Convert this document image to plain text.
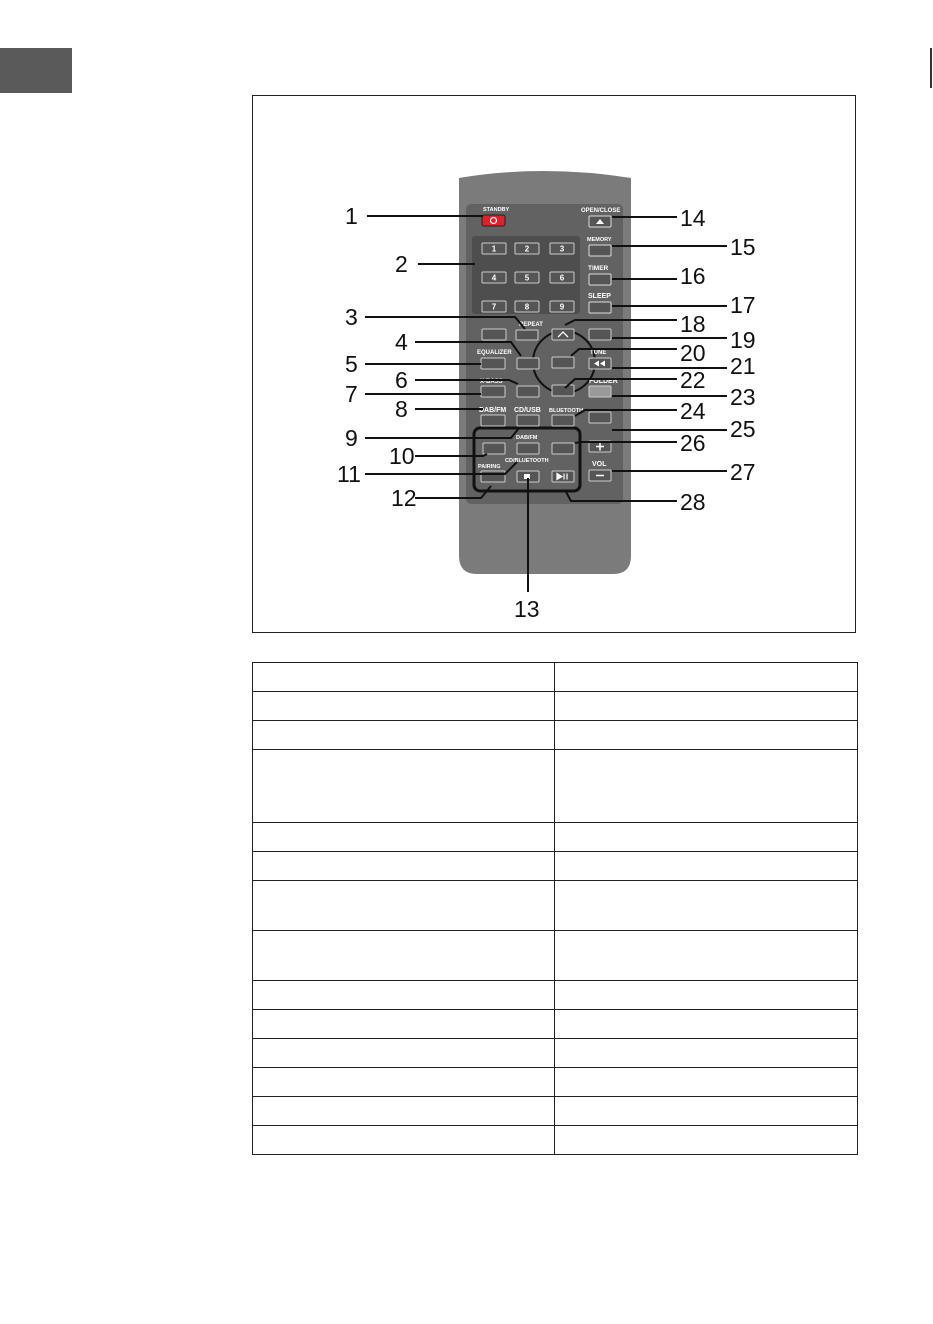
STANDBY	OPEN/CLOSE
MEMORY
TIMER
SLEEP
1	2	3
4	5	6
7	8	9
REPEAT
EQUALIZER	TUNE
X-BASS	FOLDER
DAB/FM CD/USB BLUETOOTH
DAB/FM
VOL
PAIRING
CD/BLUETOOTH
1
2
3
4
5
6
7
8
9
10
11
12
13
14
15
16
17
18
19
20 21
22
23
24
25
26
27
28
